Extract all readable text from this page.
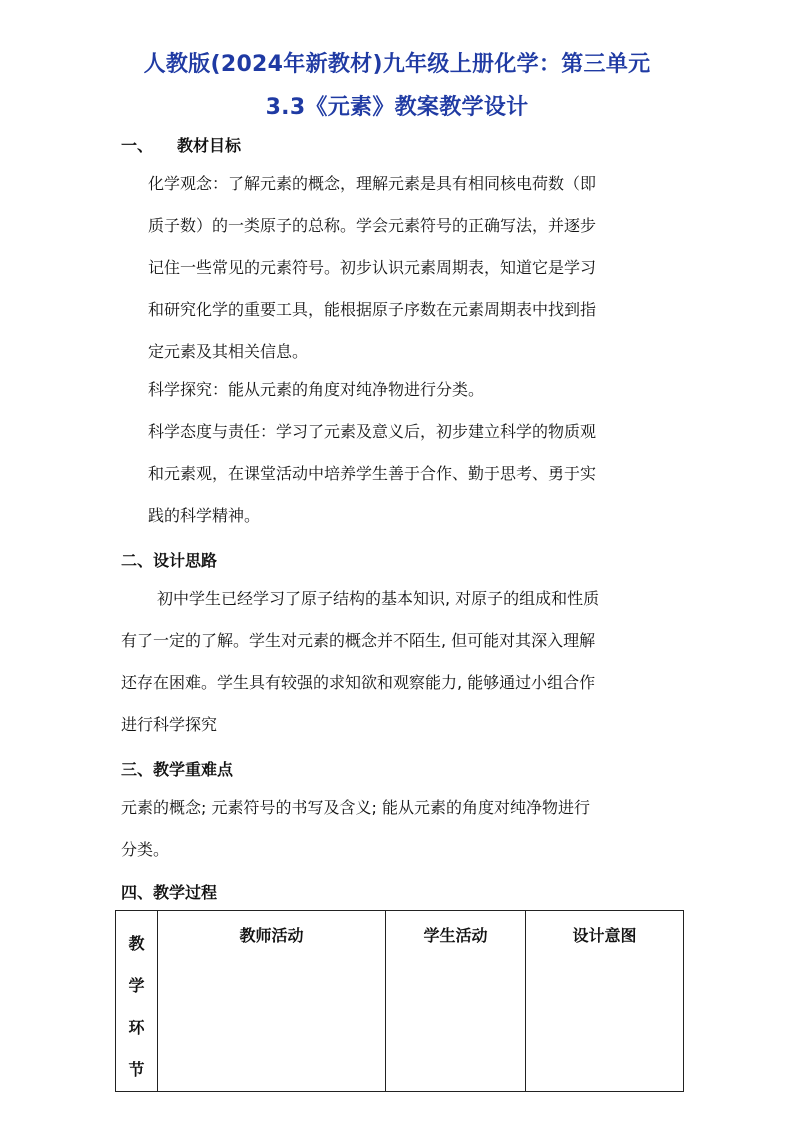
人教版(2024年新教材)九年级上册化学：第三单元
3.3《元素》教案教学设计
一、 教材目标
化学观念：了解元素的概念，理解元素是具有相同核电荷数（即
质子数）的一类原子的总称。学会元素符号的正确写法，并逐步
记住一些常见的元素符号。初步认识元素周期表，知道它是学习
和研究化学的重要工具，能根据原子序数在元素周期表中找到指
定元素及其相关信息。
科学探究：能从元素的角度对纯净物进行分类。
科学态度与责任：学习了元素及意义后，初步建立科学的物质观
和元素观，在课堂活动中培养学生善于合作、勤于思考、勇于实
践的科学精神。
二、设计思路
初中学生已经学习了原子结构的基本知识, 对原子的组成和性质
有了一定的了解。学生对元素的概念并不陌生, 但可能对其深入理解
还存在困难。学生具有较强的求知欲和观察能力, 能够通过小组合作
进行科学探究
三、教学重难点
元素的概念; 元素符号的书写及含义; 能从元素的角度对纯净物进行
分类。
四、教学过程
教
学
环
节

教师活动	学生活动	设计意图
